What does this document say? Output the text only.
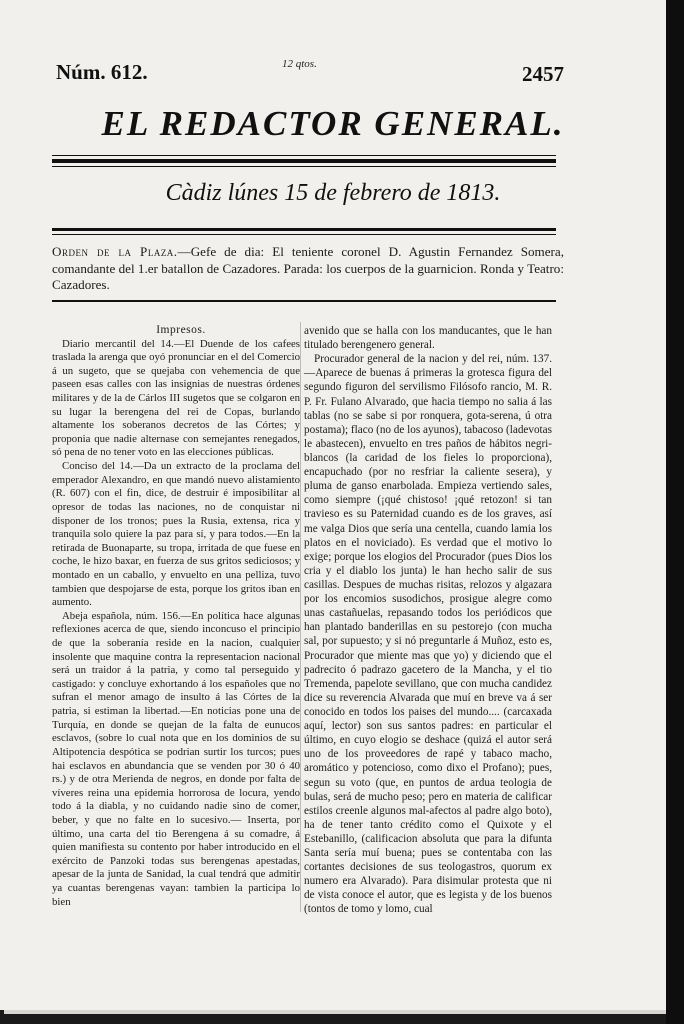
Núm. 612.	12 qtos.	2457
EL REDACTOR GENERAL.
Càdiz lúnes 15 de febrero de 1813.
Orden de la Plaza.—Gefe de dia: El teniente coronel D. Agustin Fernandez Somera, comandante del 1.er batallon de Cazadores. Parada: los cuerpos de la guarnicion. Ronda y Teatro: Cazadores.

Impresos.

Diario mercantil del 14.—El Duende de los cafees traslada la arenga que oyó pronunciar en el del Comercio á un sugeto, que se quejaba con vehemencia de que paseen esas calles con las insignias de nuestras órdenes militares y de la de Cárlos III sugetos que se colgaron en su lugar la berengena del rei de Copas, burlando altamente los soberanos decretos de las Córtes; y proponia que nadie alternase con semejantes renegados, só pena de no tener voto en las elecciones públicas.

Conciso del 14.—Da un extracto de la proclama del emperador Alexandro, en que mandó nuevo alistamiento (R. 607) con el fin, dice, de destruir é imposibilitar al opresor de todas las naciones, no de conquistar ni disponer de los tronos; pues la Rusia, extensa, rica y tranquila solo quiere la paz para sí, y para todos.—En la retirada de Buonaparte, su tropa, irritada de que fuese en coche, le hizo baxar, en fuerza de sus gritos sediciosos; y montado en un caballo, y envuelto en una pelliza, tuvo tambien que despojarse de esta, porque los gritos iban en aumento.

Abeja española, núm. 156.—En política hace algunas reflexiones acerca de que, siendo inconcuso el principio de que la soberanía reside en la nacion, cualquier insolente que maquine contra la representacion nacional será un traidor á la patria, y como tal perseguido y castigado: y concluye exhortando á los españoles que no sufran el menor amago de insulto á las Córtes de la patria, si estiman la libertad.—En noticias pone una de Turquía, en donde se quejan de la falta de eunucos esclavos, (sobre lo cual nota que en los dominios de su Altipotencia despótica se podrian surtir los turcos; pues hai esclavos en abundancia que se venden por 30 ó 40 rs.) y de otra Merienda de negros, en donde por falta de víveres reina una epidemia horrorosa de locura, yendo todo á la diabla, y no cuidando nadie sino de comer, beber, y que no falte en lo sucesivo.— Inserta, por último, una carta del tio Berengena á su comadre, á quien manifiesta su contento por haber introducido en el exército de Panzoki todas sus berengenas apestadas, apesar de la junta de Sanidad, la cual tendrá que admitir ya cuantas berengenas vayan: tambien la participa lo bien

avenido que se halla con los manducantes, que le han titulado berengenero general.

Procurador general de la nacion y del rei, núm. 137.—Aparece de buenas á primeras la grotesca figura del segundo figuron del servilismo Filósofo rancio, M. R. P. Fr. Fulano Alvarado, que hacia tiempo no salia á las tablas (no se sabe si por ronquera, gota-serena, ú otra postama); flaco (no de los ayunos), tabacoso (ladevotas le abastecen), envuelto en tres paños de hábitos negri-blancos (la caridad de los fieles lo proporciona), encapuchado (por no resfriar la caliente sesera), y pluma de ganso enarbolada. Empieza vertiendo sales, como siempre (¡qué chistoso! ¡qué retozon! si tan travieso es su Paternidad cuando es de los graves, así me valga Dios que sería una centella, cuando lamia los platos en el noviciado). Es verdad que el motivo lo exige; porque los elogios del Procurador (pues Dios los cria y el diablo los junta) le han hecho salir de sus casillas. Despues de muchas risitas, relozos y algazara por los encomios susodichos, prosigue alegre como unas castañuelas, repasando todos los periódicos que han plantado banderillas en su pestorejo (con mucha sal, por supuesto; y si nó preguntarle á Muñoz, esto es, Procurador que miente mas que yo) y diciendo que el padrecito ó padrazo gacetero de la Mancha, y el tio Tremenda, papelote sevillano, que con mucha candidez dice su reverencia Alvarada que muí en breve va á ser conocido en todos los paises del mundo.... (carcaxada aquí, lector) son sus santos padres: en particular el último, en cuyo elogio se deshace (quizá el autor será uno de los proveedores de rapé y tabaco macho, aromático y potencioso, como dixo el Profano); pues, segun su voto (que, en puntos de ardua teologia de bulas, será de mucho peso; pero en materia de calificar estilos creenle algunos mal-afectos al padre algo boto), ha de tener tanto crédito como el Quixote y el Estebanillo, (calificacion absoluta que para la difunta Santa sería muí buena; pues se contentaba con las cortantes decisiones de sus teologastros, quorum ex numero era Alvarado). Para disimular protesta que ni de vista conoce el autor, que es legista y de los buenos (tontos de tomo y lomo, cual
